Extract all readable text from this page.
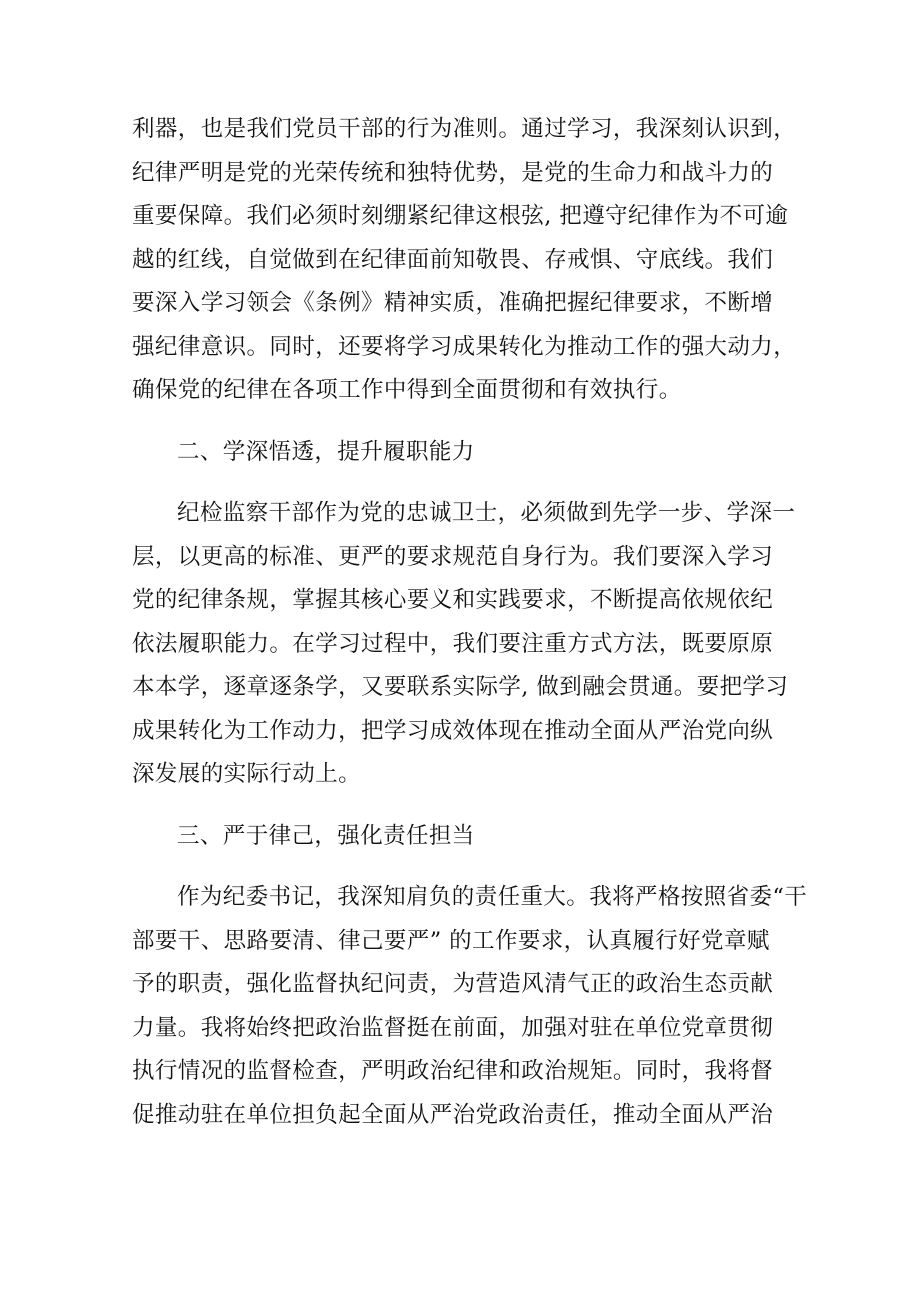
利器，也是我们党员干部的行为准则。通过学习，我深刻认识到，
纪律严明是党的光荣传统和独特优势，是党的生命力和战斗力的
重要保障。我们必须时刻绷紧纪律这根弦, 把遵守纪律作为不可逾
越的红线，自觉做到在纪律面前知敬畏、存戒惧、守底线。我们
要深入学习领会《条例》精神实质，准确把握纪律要求，不断增
强纪律意识。同时，还要将学习成果转化为推动工作的强大动力，
确保党的纪律在各项工作中得到全面贯彻和有效执行。

二、学深悟透，提升履职能力

纪检监察干部作为党的忠诚卫士，必须做到先学一步、学深一
层，以更高的标准、更严的要求规范自身行为。我们要深入学习
党的纪律条规，掌握其核心要义和实践要求，不断提高依规依纪
依法履职能力。在学习过程中，我们要注重方式方法，既要原原
本本学，逐章逐条学，又要联系实际学, 做到融会贯通。要把学习
成果转化为工作动力，把学习成效体现在推动全面从严治党向纵
深发展的实际行动上。

三、严于律己，强化责任担当

作为纪委书记，我深知肩负的责任重大。我将严格按照省委“干
部要干、思路要清、律己要严” 的工作要求，认真履行好党章赋
予的职责，强化监督执纪问责，为营造风清气正的政治生态贡献
力量。我将始终把政治监督挺在前面，加强对驻在单位党章贯彻
执行情况的监督检查，严明政治纪律和政治规矩。同时，我将督
促推动驻在单位担负起全面从严治党政治责任，推动全面从严治
